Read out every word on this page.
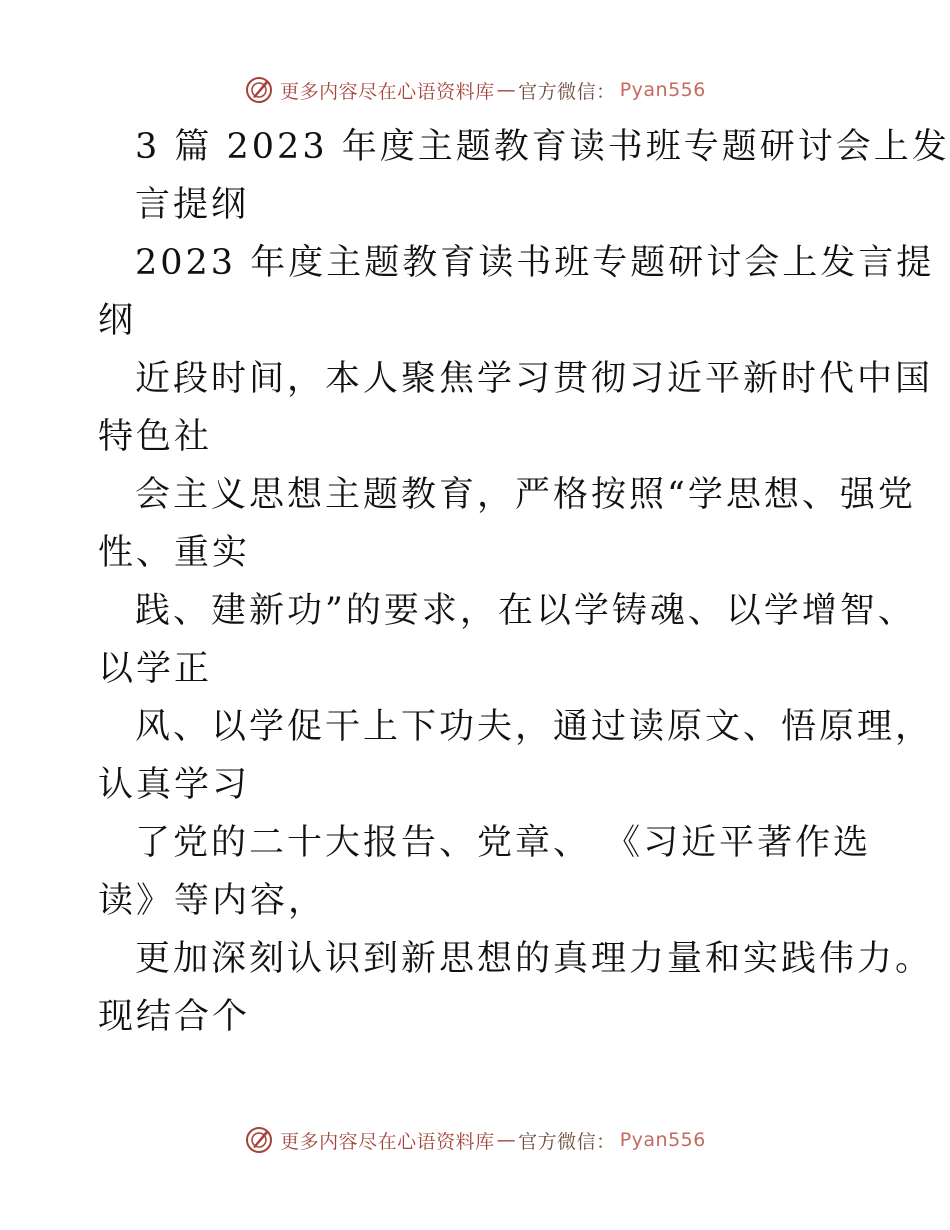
更多内容尽在心语资料库 — 官方微信： Pyan556
3 篇 2023 年度主题教育读书班专题研讨会上发
言提纲
2023 年度主题教育读书班专题研讨会上发言提
纲
近段时间，本人聚焦学习贯彻习近平新时代中国
特色社
会主义思想主题教育，严格按照“学思想、强党
性、重实
践、建新功”的要求，在以学铸魂、以学增智、
以学正
风、以学促干上下功夫，通过读原文、悟原理，
认真学习
了党的二十大报告、党章、 《习近平著作选
读》等内容，
更加深刻认识到新思想的真理力量和实践伟力。
现结合个
更多内容尽在心语资料库 — 官方微信： Pyan556
